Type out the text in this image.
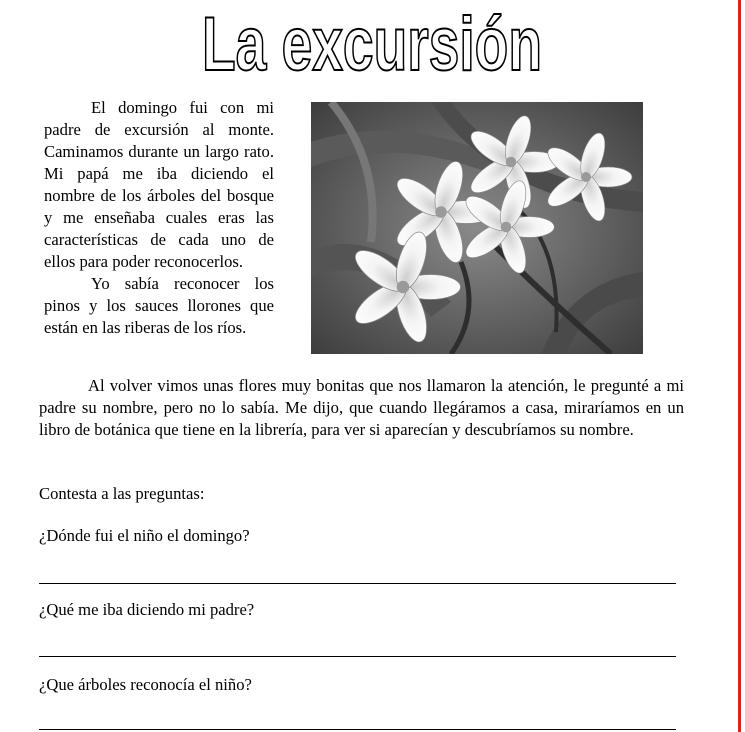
La excursión

El domingo fui con mi padre de excursión al monte. Caminamos durante un largo rato. Mi papá me iba diciendo el nombre de los árboles del bosque y me enseñaba cuales eras las características de cada uno de ellos para poder reconocerlos.

Yo sabía reconocer los pinos y los sauces llorones que están en las riberas de los ríos.

Al volver vimos unas flores muy bonitas que nos llamaron la atención, le pregunté a mi padre su nombre, pero no lo sabía. Me dijo, que cuando llegáramos a casa, miraríamos en un libro de botánica que tiene en la librería, para ver si aparecían y descubríamos su nombre.

Contesta a las preguntas:

¿Dónde fui el niño el domingo?

¿Qué me iba diciendo mi padre?

¿Que árboles reconocía el niño?
